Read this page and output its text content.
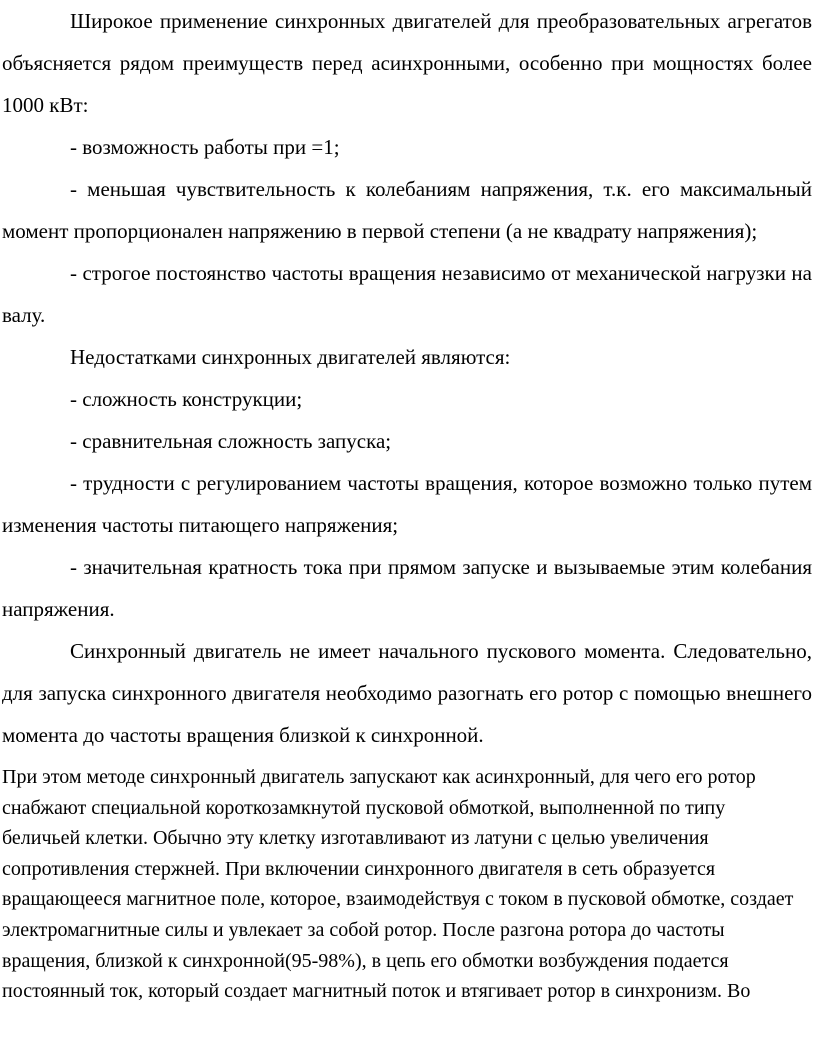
Широкое применение синхронных двигателей для преобразовательных агрегатов объясняется рядом преимуществ перед асинхронными, особенно при мощностях более 1000 кВт:

- возможность работы при =1;

- меньшая чувствительность к колебаниям напряжения, т.к. его максимальный момент пропорционален напряжению в первой степени (а не квадрату напряжения);

- строгое постоянство частоты вращения независимо от механической нагрузки на валу.

Недостатками синхронных двигателей являются:

- сложность конструкции;

- сравнительная сложность запуска;

- трудности с регулированием частоты вращения, которое возможно только путем изменения частоты питающего напряжения;

- значительная кратность тока при прямом запуске и вызываемые этим колебания напряжения.

Синхронный двигатель не имеет начального пускового момента. Следовательно, для запуска синхронного двигателя необходимо разогнать его ротор с помощью внешнего момента до частоты вращения близкой к синхронной.

При этом методе синхронный двигатель запускают как асинхронный, для чего его ротор снабжают специальной короткозамкнутой пусковой обмоткой, выполненной по типу беличьей клетки. Обычно эту клетку изготавливают из латуни с целью увеличения сопротивления стержней. При включении синхронного двигателя в сеть образуется вращающееся магнитное поле, которое, взаимодействуя с током в пусковой обмотке, создает электромагнитные силы и увлекает за собой ротор. После разгона ротора до частоты вращения, близкой к синхронной(95-98%), в цепь его обмотки возбуждения подается постоянный ток, который создает магнитный поток и втягивает ротор в синхронизм. Во
